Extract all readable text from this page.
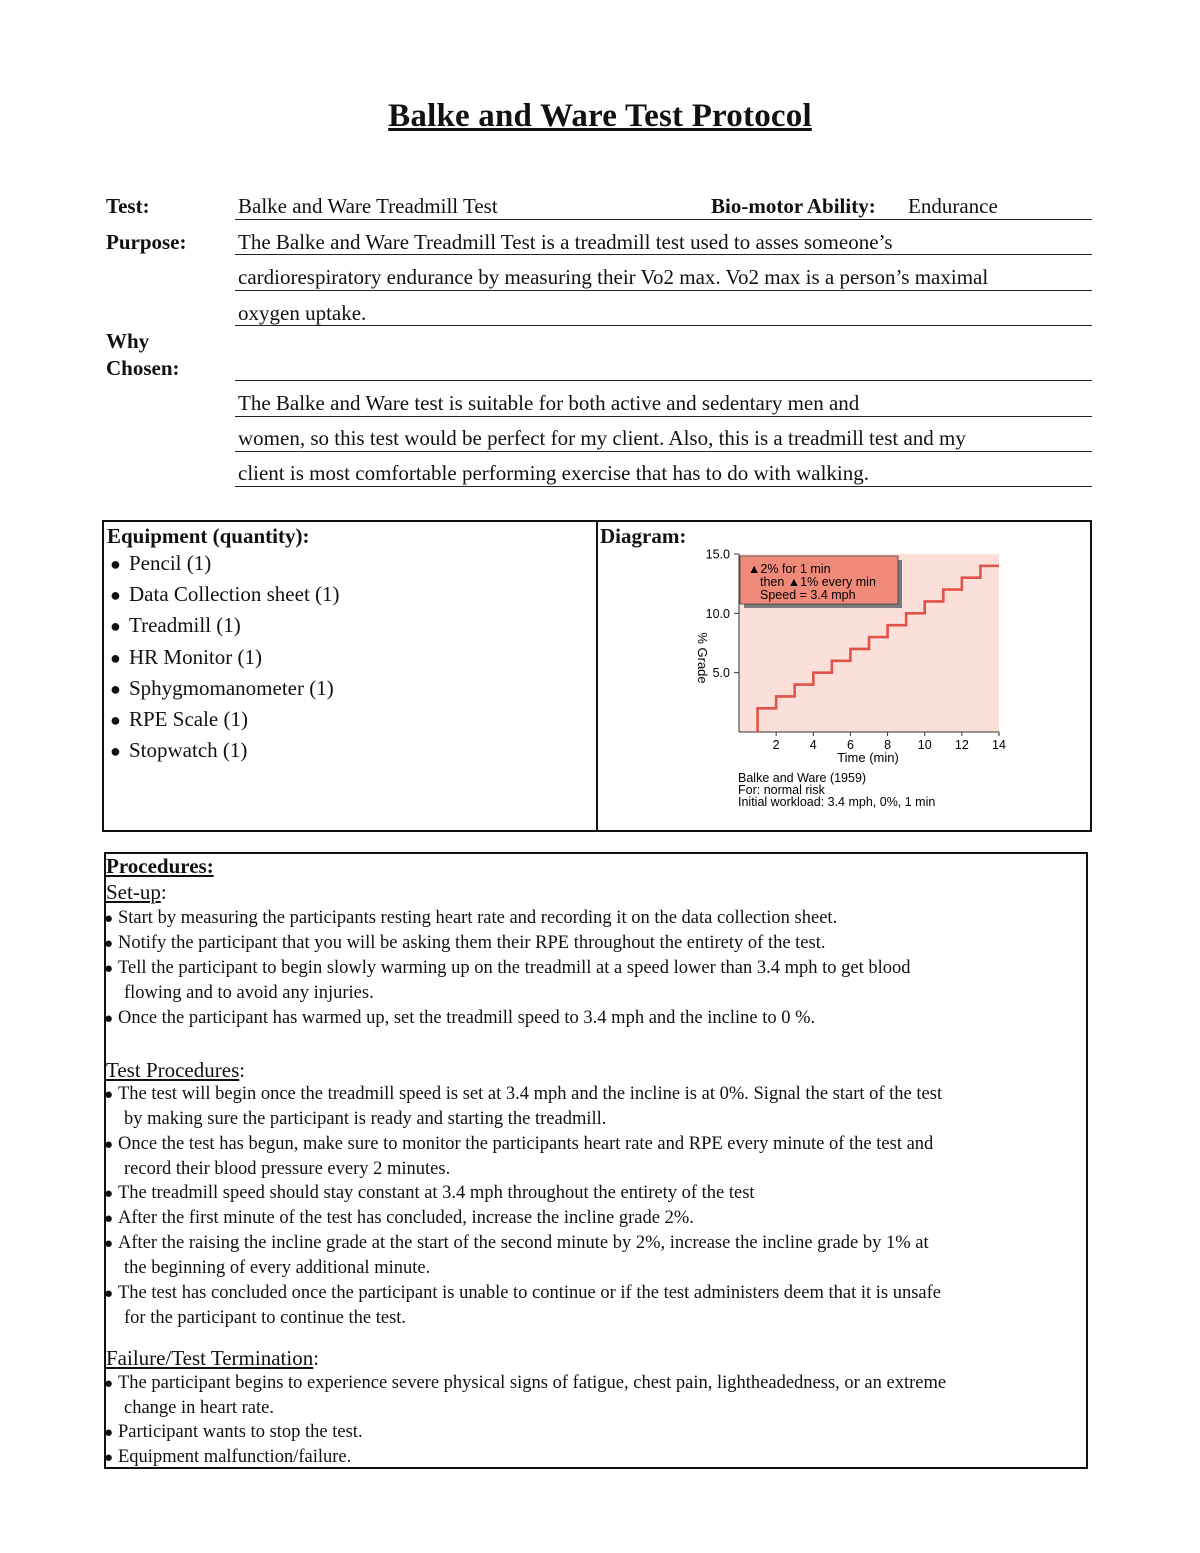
Balke and Ware Test Protocol
Test:	Balke and Ware Treadmill Test	Bio-motor Ability: Endurance
Purpose: The Balke and Ware Treadmill Test is a treadmill test used to asses someone’s
cardiorespiratory endurance by measuring their Vo2 max. Vo2 max is a person’s maximal
oxygen uptake.
Why
Chosen:
The Balke and Ware test is suitable for both active and sedentary men and
women, so this test would be perfect for my client. Also, this is a treadmill test and my
client is most comfortable performing exercise that has to do with walking.
Equipment (quantity):
● Pencil (1)
● Data Collection sheet (1)
● Treadmill (1)
● HR Monitor (1)
● Sphygmomanometer (1)
● RPE Scale (1)
● Stopwatch (1)
Diagram:
15.0
10.0
5.0
2 4 6 8 10 12 14
▲2% for 1 min
then ▲1% every min
Speed = 3.4 mph
% Grade
Time (min)
Balke and Ware (1959)
For: normal risk
Initial workload: 3.4 mph, 0%, 1 min
Procedures:
Set-up:
● Start by measuring the participants resting heart rate and recording it on the data collection sheet.
● Notify the participant that you will be asking them their RPE throughout the entirety of the test.
● Tell the participant to begin slowly warming up on the treadmill at a speed lower than 3.4 mph to get blood
flowing and to avoid any injuries.
● Once the participant has warmed up, set the treadmill speed to 3.4 mph and the incline to 0 %.
Test Procedures:
● The test will begin once the treadmill speed is set at 3.4 mph and the incline is at 0%. Signal the start of the test
by making sure the participant is ready and starting the treadmill.
● Once the test has begun, make sure to monitor the participants heart rate and RPE every minute of the test and
record their blood pressure every 2 minutes.
● The treadmill speed should stay constant at 3.4 mph throughout the entirety of the test
● After the first minute of the test has concluded, increase the incline grade 2%.
● After the raising the incline grade at the start of the second minute by 2%, increase the incline grade by 1% at
the beginning of every additional minute.
● The test has concluded once the participant is unable to continue or if the test administers deem that it is unsafe
for the participant to continue the test.
Failure/Test Termination:
● The participant begins to experience severe physical signs of fatigue, chest pain, lightheadedness, or an extreme
change in heart rate.
● Participant wants to stop the test.
● Equipment malfunction/failure.
